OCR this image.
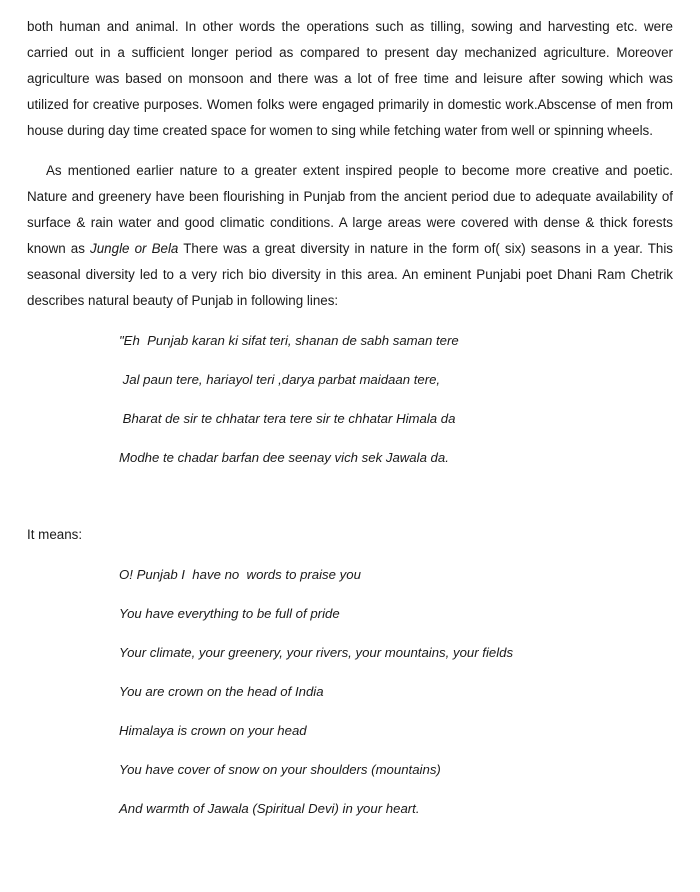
both human and animal. In other words the operations such as tilling, sowing and harvesting etc. were carried out in a sufficient longer period as compared to present day mechanized agriculture. Moreover agriculture was based on monsoon and there was a lot of free time and leisure after sowing which was utilized for creative purposes. Women folks were engaged primarily in domestic work.Abscense of men from house during day time created space for women to sing while fetching water from well or spinning wheels.

As mentioned earlier nature to a greater extent inspired people to become more creative and poetic. Nature and greenery have been flourishing in Punjab from the ancient period due to adequate availability of surface & rain water and good climatic conditions. A large areas were covered with dense & thick forests known as Jungle or Bela There was a great diversity in nature in the form of( six) seasons in a year. This seasonal diversity led to a very rich bio diversity in this area. An eminent Punjabi poet Dhani Ram Chetrik describes natural beauty of Punjab in following lines:

"Eh  Punjab karan ki sifat teri, shanan de sabh saman tere
Jal paun tere, hariayol teri ,darya parbat maidaan tere,
Bharat de sir te chhatar tera tere sir te chhatar Himala da
Modhe te chadar barfan dee seenay vich sek Jawala da.

It means:

O! Punjab I  have no  words to praise you
You have everything to be full of pride
Your climate, your greenery, your rivers, your mountains, your fields
You are crown on the head of India
Himalaya is crown on your head
You have cover of snow on your shoulders (mountains)
And warmth of Jawala (Spiritual Devi) in your heart.
